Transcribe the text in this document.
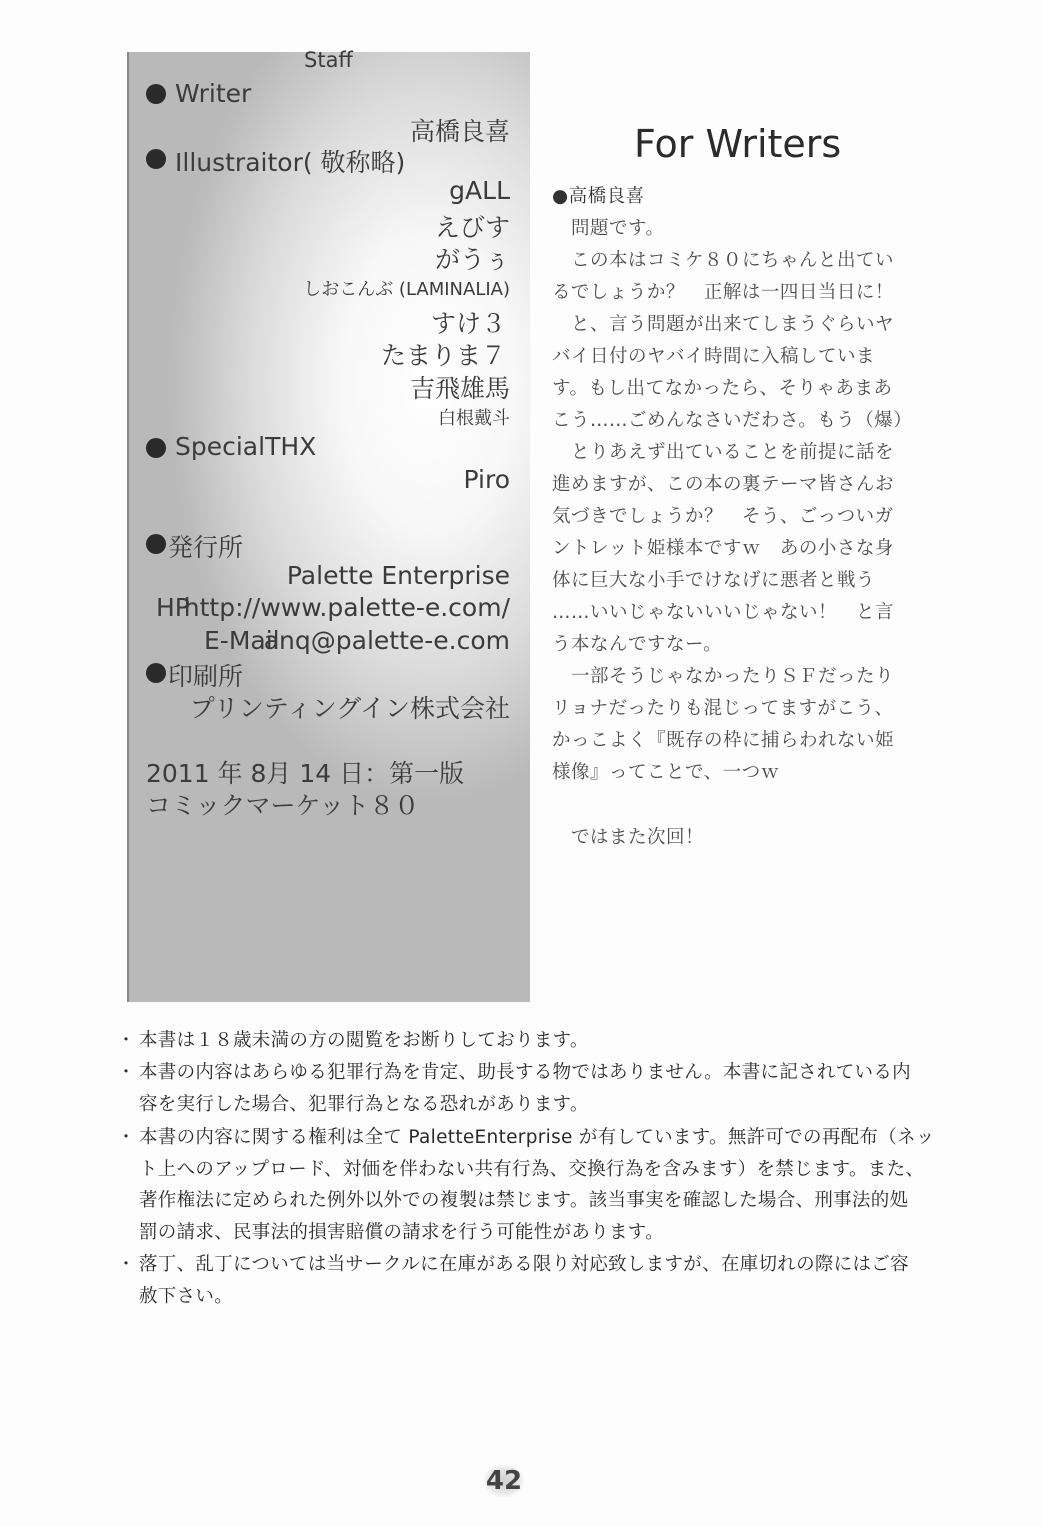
Staff
Writer
高橋良喜
Illustraitor( 敬称略)
gALL
えびす
がうぅ
しおこんぶ (LAMINALIA)
すけ３
たまりま７
吉飛雄馬
白根戴斗
SpecialTHX
Piro
発行所
Palette Enterprise
HP
http://www.palette-e.com/
E-Mail
anq@palette-e.com
印刷所
プリンティングイン株式会社
2011 年 8月 14 日：第一版
コミックマーケット８０
For Writers
●高橋良喜
　問題です。
　この本はコミケ８０にちゃんと出てい
るでしょうか？　正解は一四日当日に！
　と、言う問題が出来てしまうぐらいヤ
バイ日付のヤバイ時間に入稿していま
す。もし出てなかったら、そりゃあまあ
こう……ごめんなさいだわさ。もう（爆）
　とりあえず出ていることを前提に話を
進めますが、この本の裏テーマ皆さんお
気づきでしょうか？　そう、ごっついガ
ントレット姫様本ですｗ　あの小さな身
体に巨大な小手でけなげに悪者と戦う
……いいじゃないいいじゃない！　と言
う本なんですなー。
　一部そうじゃなかったりＳＦだったり
リョナだったりも混じってますがこう、
かっこよく『既存の枠に捕らわれない姫
様像』ってことで、一つｗ
　ではまた次回！
・ 本書は１８歳未満の方の閲覧をお断りしております。
・ 本書の内容はあらゆる犯罪行為を肯定、助長する物ではありません。本書に記されている内
容を実行した場合、犯罪行為となる恐れがあります。
・ 本書の内容に関する権利は全て PaletteEnterprise が有しています。無許可での再配布（ネッ
ト上へのアップロード、対価を伴わない共有行為、交換行為を含みます）を禁じます。また、
著作権法に定められた例外以外での複製は禁じます。該当事実を確認した場合、刑事法的処
罰の請求、民事法的損害賠償の請求を行う可能性があります。
・ 落丁、乱丁については当サークルに在庫がある限り対応致しますが、在庫切れの際にはご容
赦下さい。
42
